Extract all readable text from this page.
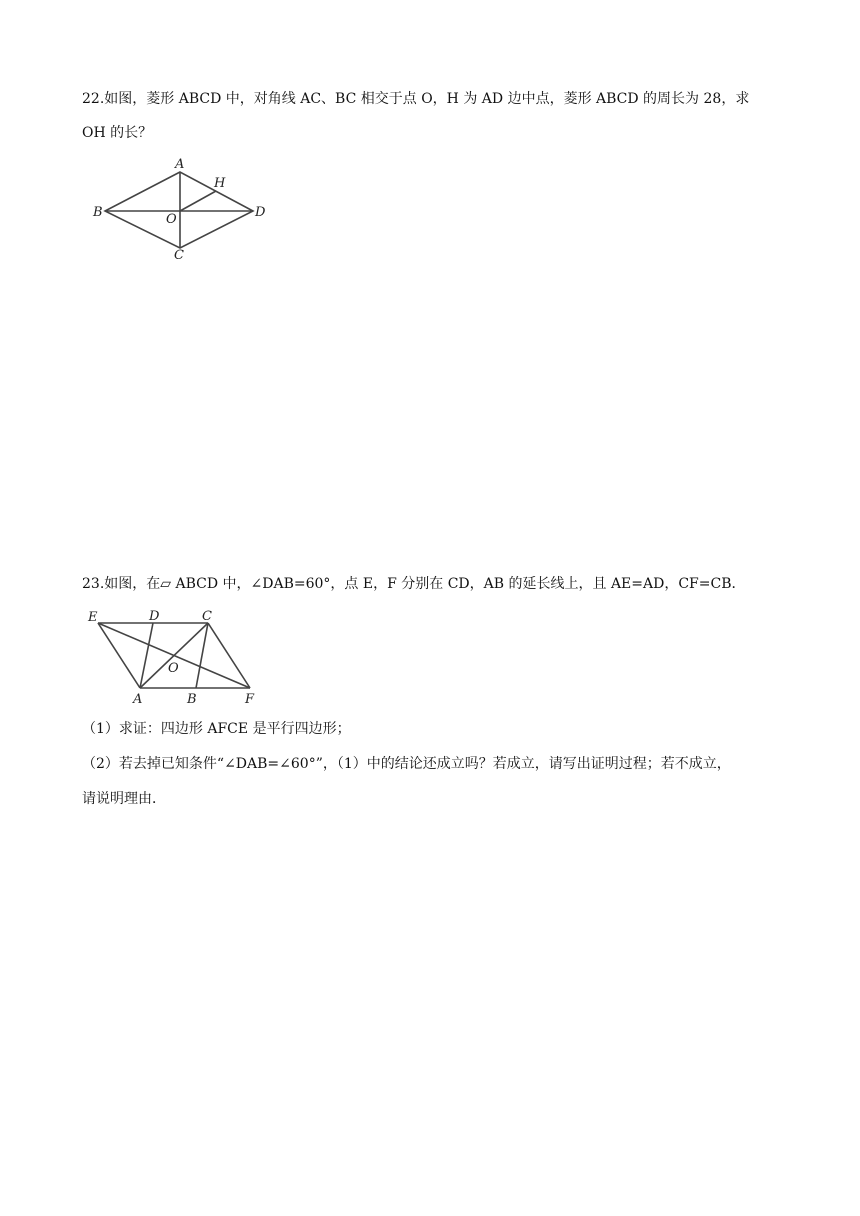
22.如图，菱形 ABCD 中，对角线 AC、BC 相交于点 O，H 为 AD 边中点，菱形 ABCD 的周长为 28，求
OH 的长？
A
H
B	O	D
C
23.如图，在▱ ABCD 中，∠DAB=60°，点 E，F 分别在 CD，AB 的延长线上，且 AE=AD，CF=CB．
E	D	C
O
A	B	F
（1）求证：四边形 AFCE 是平行四边形；
（2）若去掉已知条件“∠DAB=∠60°”，（1）中的结论还成立吗？若成立，请写出证明过程；若不成立，
请说明理由．
